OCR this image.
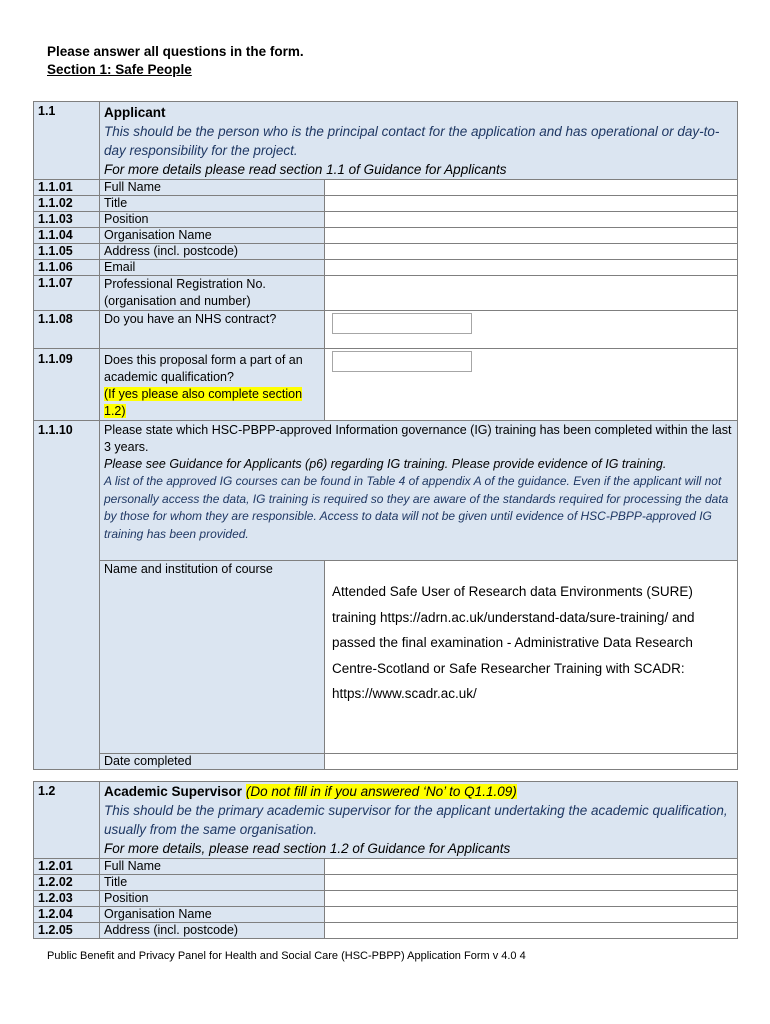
Please answer all questions in the form.
Section 1: Safe People
1.1	Applicant
This should be the person who is the principal contact for the application and has operational or day-to-day responsibility for the project.
For more details please read section 1.1 of Guidance for Applicants	

1.1.01	Full Name	
1.1.02	Title	
1.1.03	Position	
1.1.04	Organisation Name	
1.1.05	Address (incl. postcode)	
1.1.06	Email	
1.1.07	Professional Registration No. (organisation and number)	
1.1.08	Do you have an NHS contract?	
1.1.09	Does this proposal form a part of an academic qualification?
(If yes please also complete section 1.2)	

1.1.10	Please state which HSC-PBPP-approved Information governance (IG) training has been completed within the last 3 years.
Please see Guidance for Applicants (p6) regarding IG training. Please provide evidence of IG training.
A list of the approved IG courses can be found in Table 4 of appendix A of the guidance. Even if the applicant will not personally access the data, IG training is required so they are aware of the standards required for processing the data by those for whom they are responsible. Access to data will not be given until evidence of HSC-PBPP-approved IG training has been provided.	

	Name and institution of course	Attended Safe User of Research data Environments (SURE) training https://adrn.ac.uk/understand-data/sure-training/ and passed the final examination - Administrative Data Research Centre-Scotland or Safe Researcher Training with SCADR: https://www.scadr.ac.uk/

	Date completed	
1.2	Academic Supervisor (Do not fill in if you answered ‘No’ to Q1.1.09)
This should be the primary academic supervisor for the applicant undertaking the academic qualification, usually from the same organisation.
For more details, please read section 1.2 of Guidance for Applicants	

1.2.01	Full Name	
1.2.02	Title	
1.2.03	Position	
1.2.04	Organisation Name	
1.2.05	Address (incl. postcode)	
Public Benefit and Privacy Panel for Health and Social Care (HSC-PBPP) Application Form v 4.0 4
